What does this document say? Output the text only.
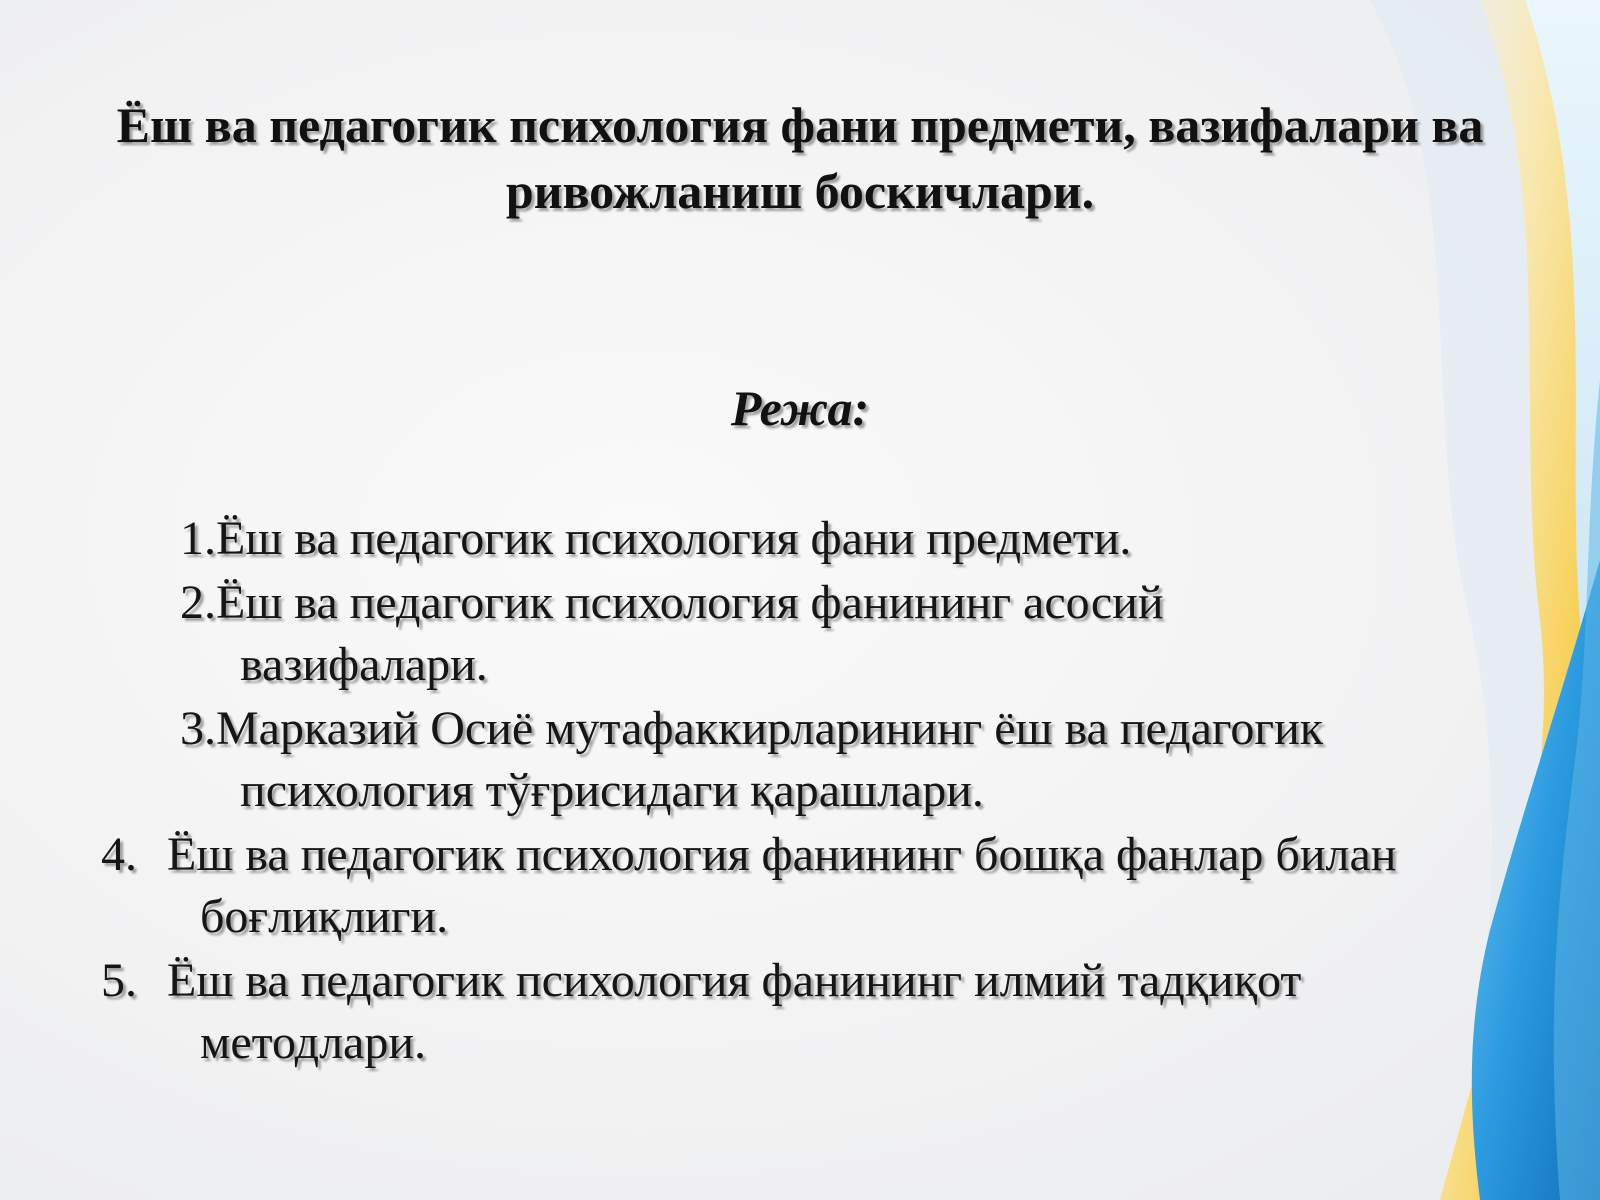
Ёш ва педагогик психология фани предмети, вазифалари ва ривожланиш боскичлари.
Режа:
1.Ёш ва педагогик психология фани предмети.
2.Ёш ва педагогик психология фанининг асосий вазифалари.
3.Марказий Осиё мутафаккирларининг ёш ва педагогик психология тўғрисидаги қарашлари.
4. Ёш ва педагогик психология фанининг бошқа фанлар билан боғлиқлиги.
5. Ёш ва педагогик психология фанининг илмий тадқиқот методлари.
